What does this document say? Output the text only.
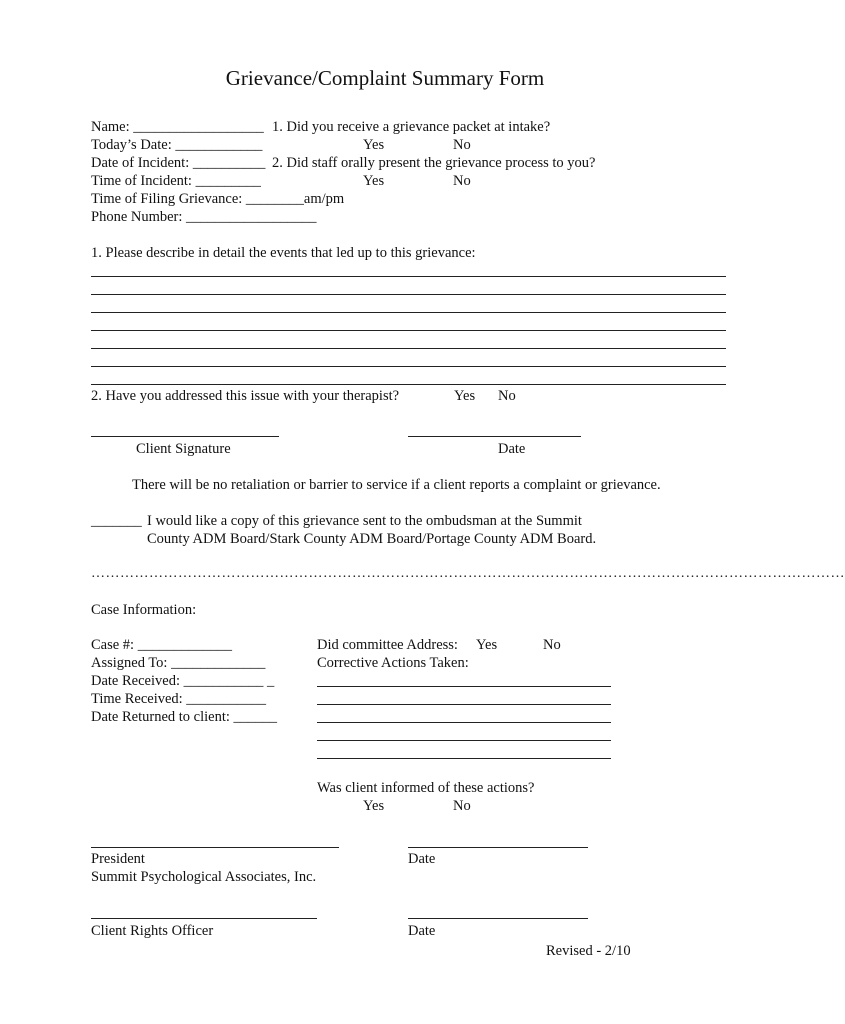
Grievance/Complaint Summary Form
Name: __________________ 1. Did you receive a grievance packet at intake?
Today’s Date: ____________	Yes	No
Date of Incident: __________ 2. Did staff orally present the grievance process to you?
Time of Incident: _________	Yes	No
Time of Filing Grievance: ________am/pm
Phone Number: __________________
1. Please describe in detail the events that led up to this grievance:
2. Have you addressed this issue with your therapist?	Yes No
Client Signature	Date
There will be no retaliation or barrier to service if a client reports a complaint or grievance.
_______ I would like a copy of this grievance sent to the ombudsman at the Summit
County ADM Board/Stark County ADM Board/Portage County ADM Board.
…………………………………………………………………………………………………………………………………………
Case Information:
Case #: _____________
Assigned To: _____________
Date Received: ___________ _
Time Received: ___________
Date Returned to client: ______
Did committee Address: Yes	No
Corrective Actions Taken:
Was client informed of these actions?
Yes	No
President	Date
Summit Psychological Associates, Inc.
Client Rights Officer	Date
Revised - 2/10
